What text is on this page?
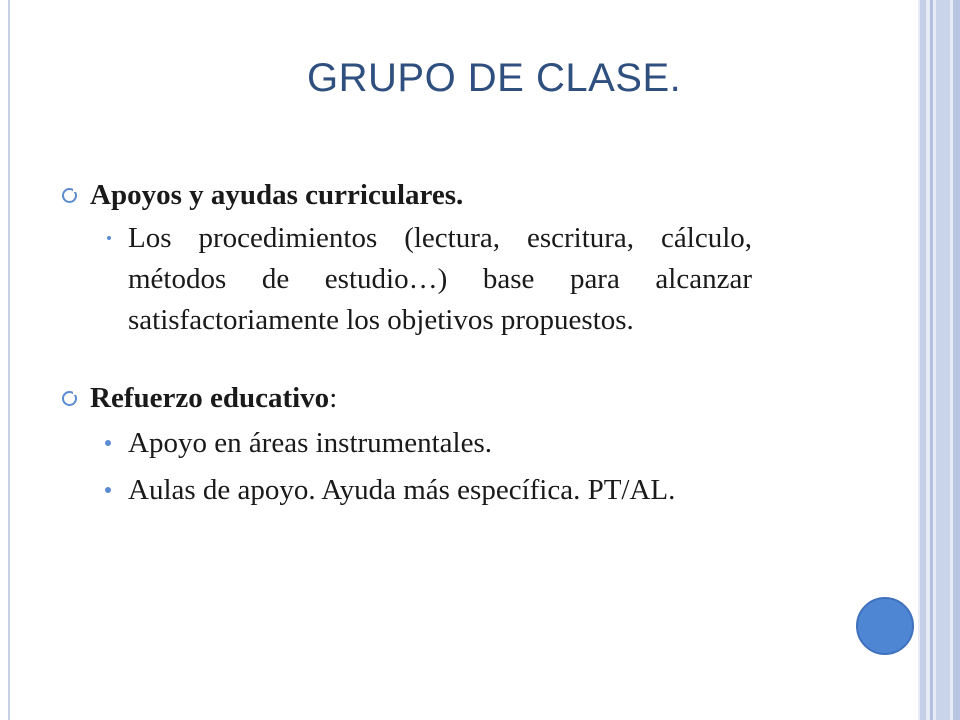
GRUPO DE CLASE.
Apoyos y ayudas curriculares.
Los procedimientos (lectura, escritura, cálculo, métodos de estudio…) base para alcanzar satisfactoriamente los objetivos propuestos.
Refuerzo educativo:
Apoyo en áreas instrumentales.
Aulas de apoyo. Ayuda más específica. PT/AL.
